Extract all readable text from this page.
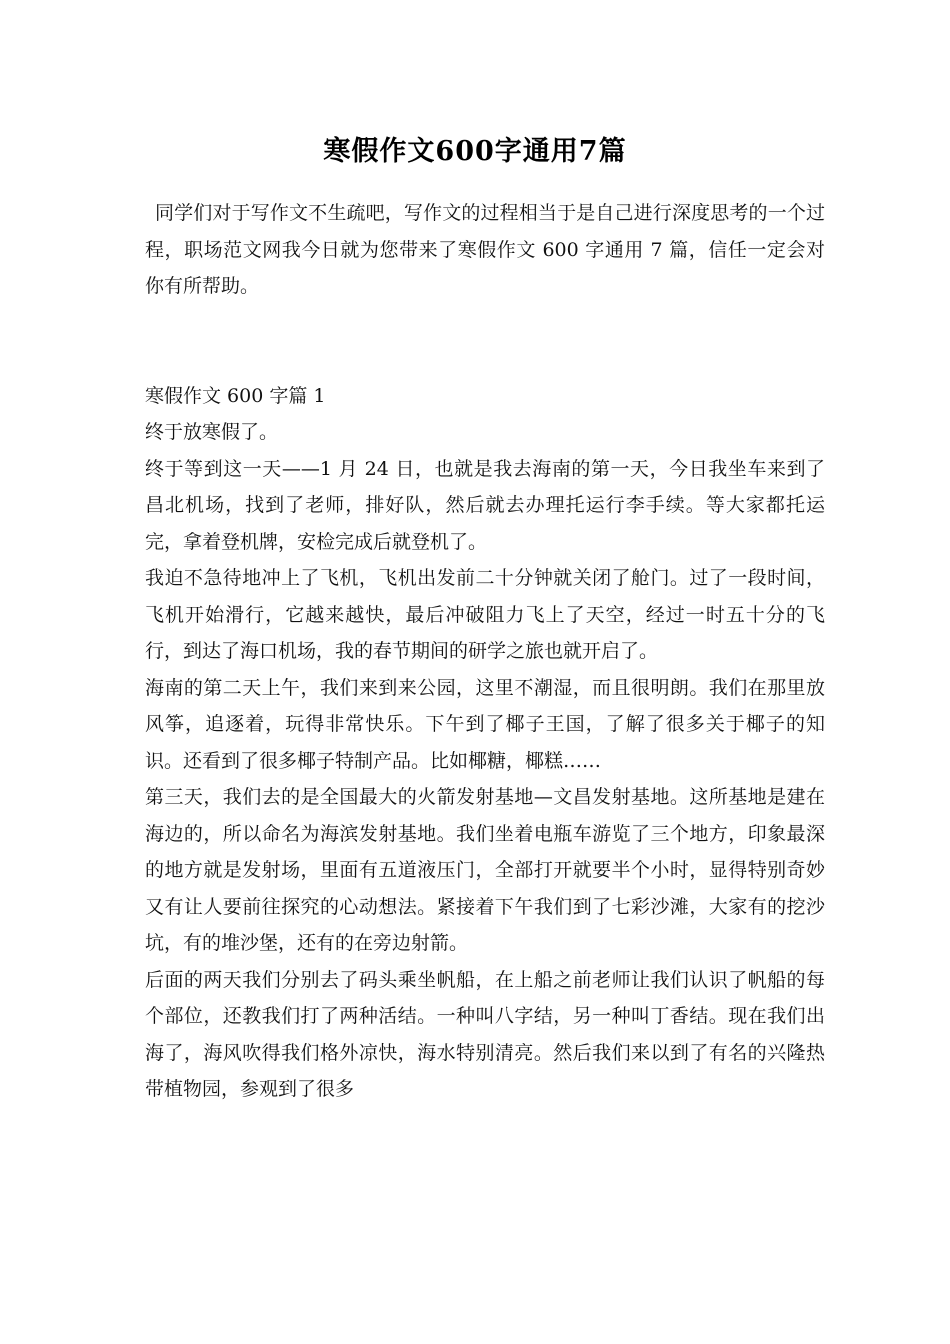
寒假作文600字通用7篇

同学们对于写作文不生疏吧，写作文的过程相当于是自己进行深度思考的一个过程，职场范文网我今日就为您带来了寒假作文 600 字通用 7 篇，信任一定会对你有所帮助。

寒假作文 600 字篇 1

终于放寒假了。

终于等到这一天——1 月 24 日，也就是我去海南的第一天，今日我坐车来到了昌北机场，找到了老师，排好队，然后就去办理托运行李手续。等大家都托运完，拿着登机牌，安检完成后就登机了。

我迫不急待地冲上了飞机，飞机出发前二十分钟就关闭了舱门。过了一段时间，飞机开始滑行，它越来越快，最后冲破阻力飞上了天空，经过一时五十分的飞行，到达了海口机场，我的春节期间的研学之旅也就开启了。

海南的第二天上午，我们来到来公园，这里不潮湿，而且很明朗。我们在那里放风筝，追逐着，玩得非常快乐。下午到了椰子王国，了解了很多关于椰子的知识。还看到了很多椰子特制产品。比如椰糖，椰糕……

第三天，我们去的是全国最大的火箭发射基地—文昌发射基地。这所基地是建在海边的，所以命名为海滨发射基地。我们坐着电瓶车游览了三个地方，印象最深的地方就是发射场，里面有五道液压门，全部打开就要半个小时，显得特别奇妙又有让人要前往探究的心动想法。紧接着下午我们到了七彩沙滩，大家有的挖沙坑，有的堆沙堡，还有的在旁边射箭。

后面的两天我们分别去了码头乘坐帆船，在上船之前老师让我们认识了帆船的每个部位，还教我们打了两种活结。一种叫八字结，另一种叫丁香结。现在我们出海了，海风吹得我们格外凉快，海水特别清亮。然后我们来以到了有名的兴隆热带植物园，参观到了很多
